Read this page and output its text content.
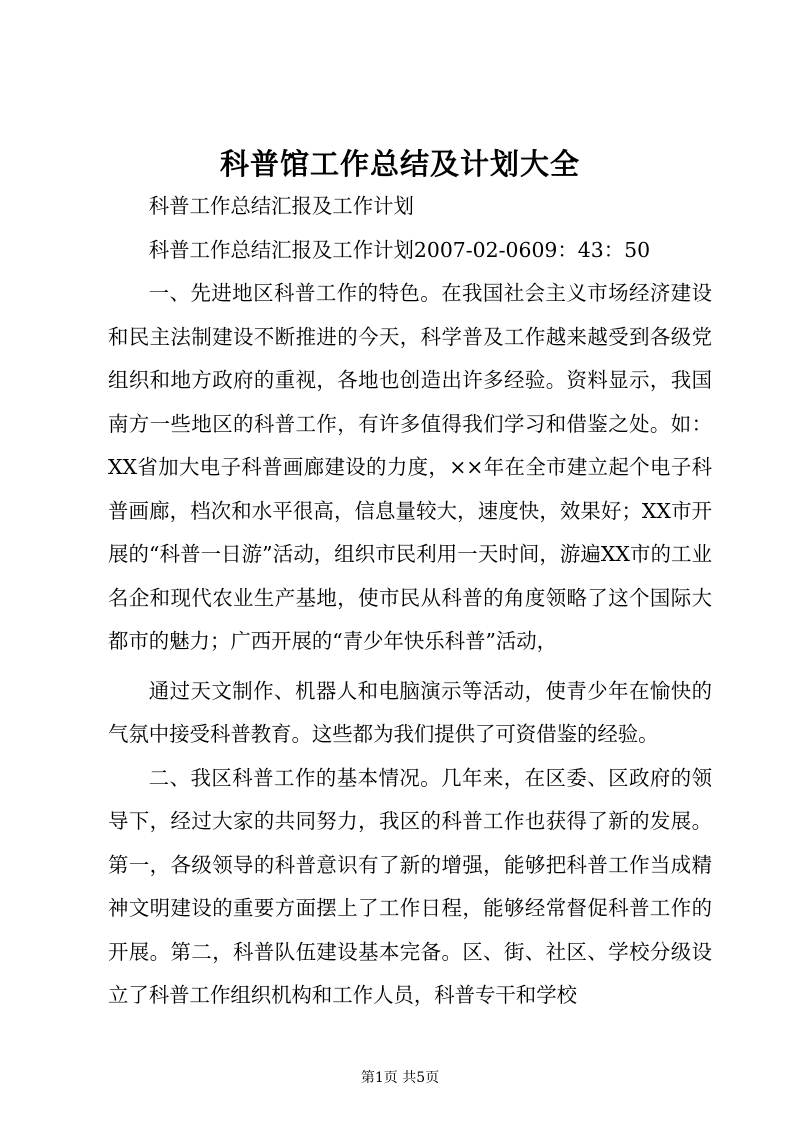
科普馆工作总结及计划大全

科普工作总结汇报及工作计划

科普工作总结汇报及工作计划2007-02-0609：43：50

一、先进地区科普工作的特色。在我国社会主义市场经济建设和民主法制建设不断推进的今天，科学普及工作越来越受到各级党组织和地方政府的重视，各地也创造出许多经验。资料显示，我国南方一些地区的科普工作，有许多值得我们学习和借鉴之处。如：XX省加大电子科普画廊建设的力度，××年在全市建立起个电子科普画廊，档次和水平很高，信息量较大，速度快，效果好；XX市开展的“科普一日游”活动，组织市民利用一天时间，游遍XX市的工业名企和现代农业生产基地，使市民从科普的角度领略了这个国际大都市的魅力；广西开展的“青少年快乐科普”活动，

通过天文制作、机器人和电脑演示等活动，使青少年在愉快的气氛中接受科普教育。这些都为我们提供了可资借鉴的经验。

二、我区科普工作的基本情况。几年来，在区委、区政府的领导下，经过大家的共同努力，我区的科普工作也获得了新的发展。第一，各级领导的科普意识有了新的增强，能够把科普工作当成精神文明建设的重要方面摆上了工作日程，能够经常督促科普工作的开展。第二，科普队伍建设基本完备。区、街、社区、学校分级设立了科普工作组织机构和工作人员，科普专干和学校

第1页 共5页
